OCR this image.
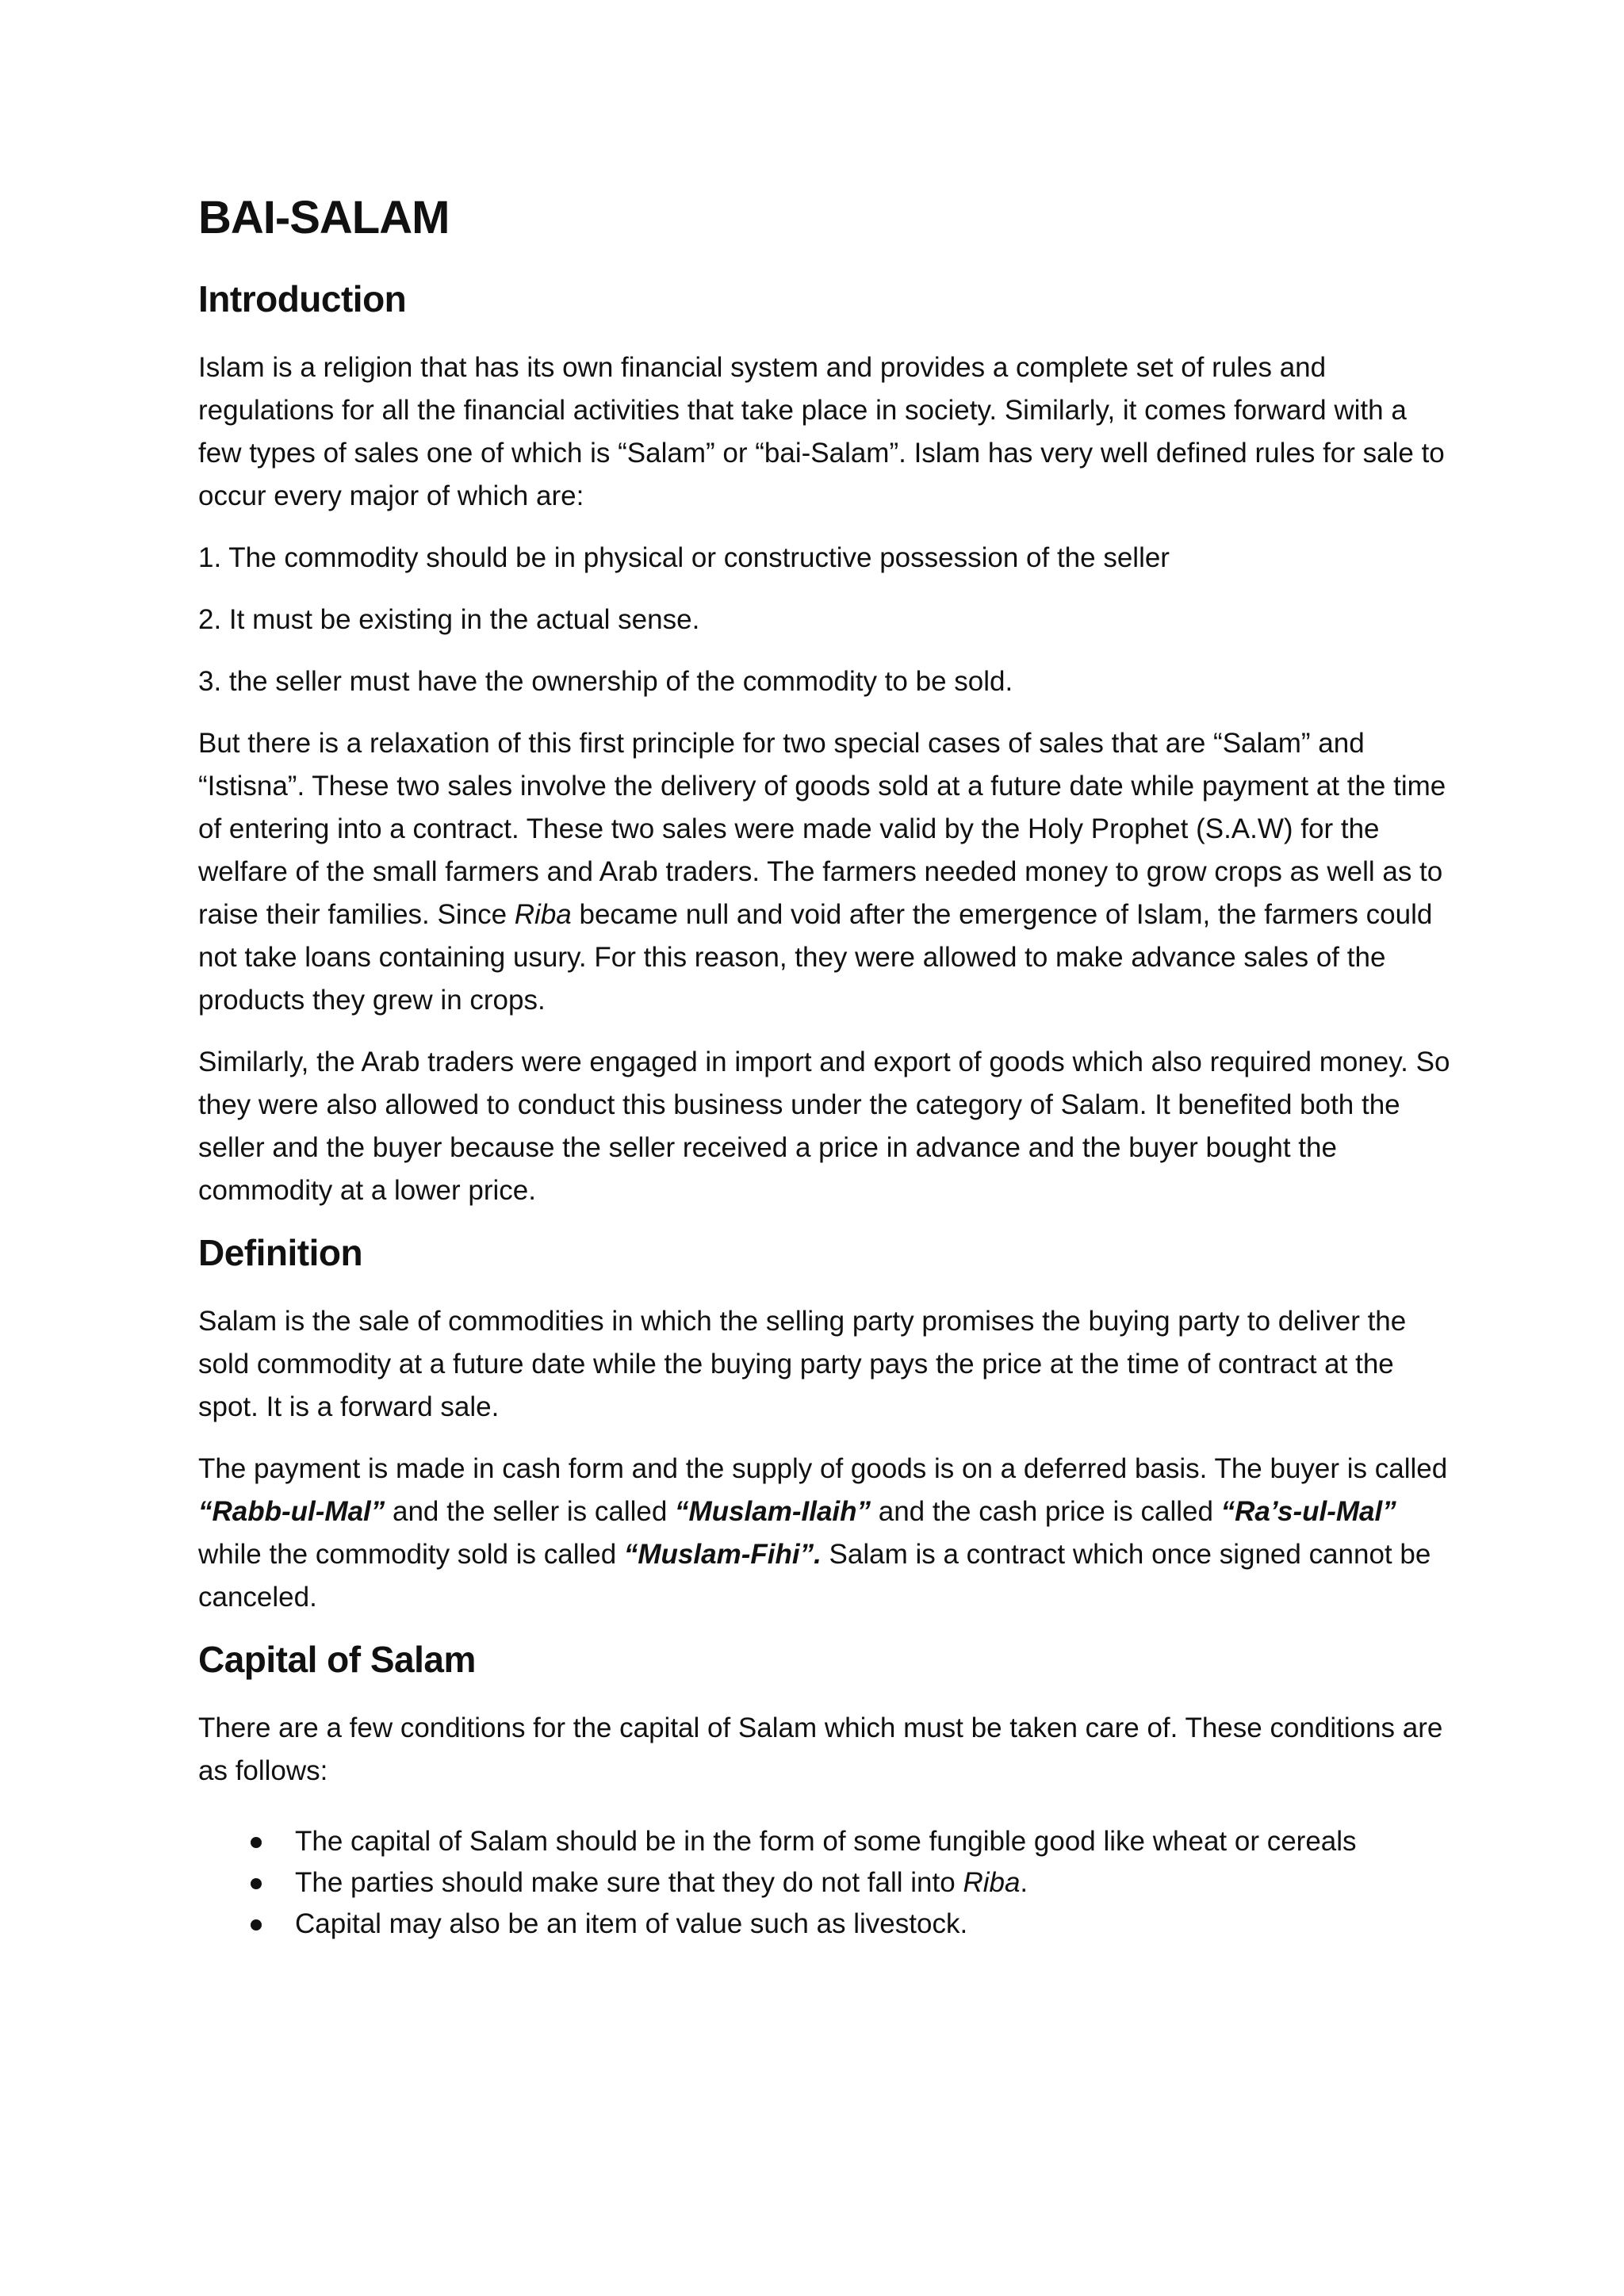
BAI-SALAM
Introduction

Islam is a religion that has its own financial system and provides a complete set of rules and regulations for all the financial activities that take place in society. Similarly, it comes forward with a few types of sales one of which is “Salam” or “bai-Salam”. Islam has very well defined rules for sale to occur every major of which are:

1. The commodity should be in physical or constructive possession of the seller
2. It must be existing in the actual sense.
3. the seller must have the ownership of the commodity to be sold.

But there is a relaxation of this first principle for two special cases of sales that are “Salam” and “Istisna”. These two sales involve the delivery of goods sold at a future date while payment at the time of entering into a contract. These two sales were made valid by the Holy Prophet (S.A.W) for the welfare of the small farmers and Arab traders. The farmers needed money to grow crops as well as to raise their families. Since Riba became null and void after the emergence of Islam, the farmers could not take loans containing usury. For this reason, they were allowed to make advance sales of the products they grew in crops.

Similarly, the Arab traders were engaged in import and export of goods which also required money. So they were also allowed to conduct this business under the category of Salam. It benefited both the seller and the buyer because the seller received a price in advance and the buyer bought the commodity at a lower price.

Definition

Salam is the sale of commodities in which the selling party promises the buying party to deliver the sold commodity at a future date while the buying party pays the price at the time of contract at the spot. It is a forward sale.

The payment is made in cash form and the supply of goods is on a deferred basis. The buyer is called “Rabb-ul-Mal” and the seller is called “Muslam-Ilaih” and the cash price is called “Ra’s-ul-Mal” while the commodity sold is called “Muslam-Fihi”. Salam is a contract which once signed cannot be canceled.

Capital of Salam

There are a few conditions for the capital of Salam which must be taken care of. These conditions are as follows:

The capital of Salam should be in the form of some fungible good like wheat or cereals
The parties should make sure that they do not fall into Riba.
Capital may also be an item of value such as livestock.
